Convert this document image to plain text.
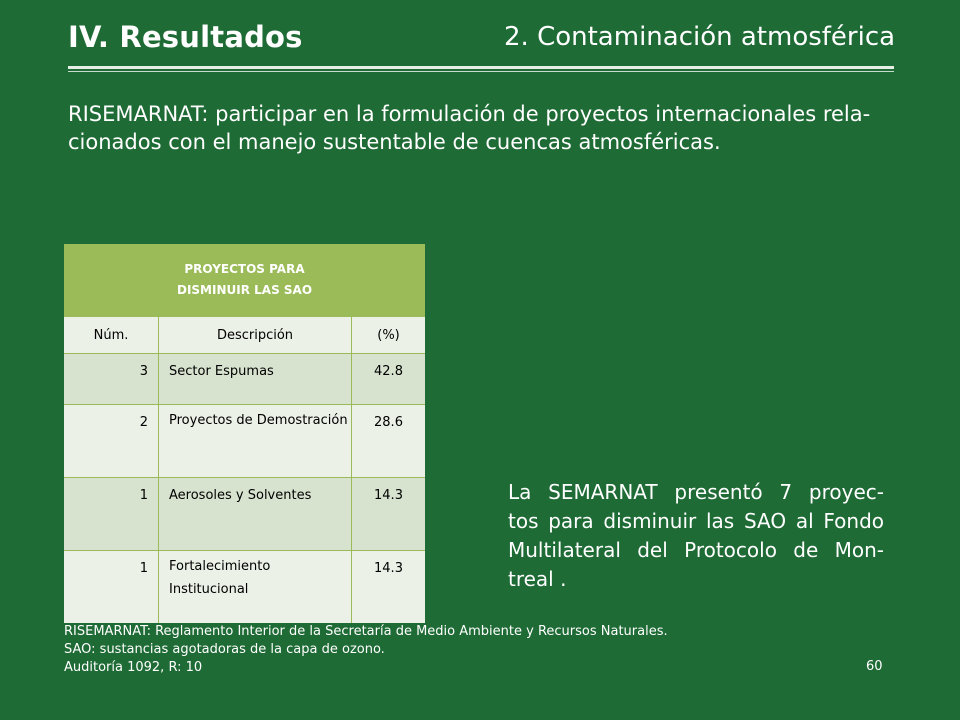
IV. Resultados	2. Contaminación atmosférica
RISEMARNAT: participar en la formulación de proyectos internacionales rela-
cionados con el manejo sustentable de cuencas atmosféricas.
PROYECTOS PARA
DISMINUIR LAS SAO		

Núm.	Descripción	(%)
3	Sector Espumas	42.8
2	Proyectos de Demostración	28.6
1	Aerosoles y Solventes	14.3
1	Fortalecimiento Institucional	14.3
La SEMARNAT presentó 7 proyec-
tos para disminuir las SAO al Fondo
Multilateral del Protocolo de Mon-
treal .
RISEMARNAT: Reglamento Interior de la Secretaría de Medio Ambiente y Recursos Naturales.
SAO: sustancias agotadoras de la capa de ozono.
Auditoría 1092, R: 10	60
